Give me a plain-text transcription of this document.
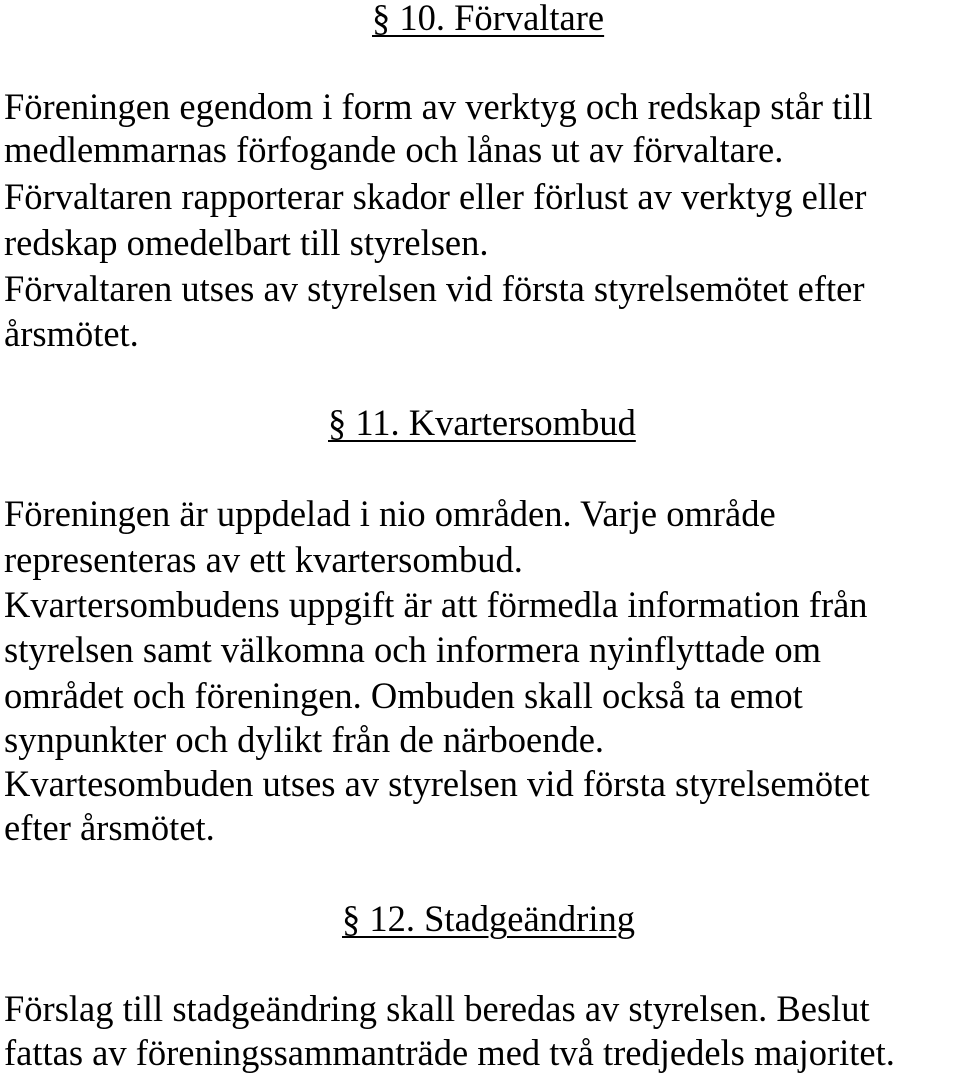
§ 10. Förvaltare

Föreningen egendom i form av verktyg och redskap står till

medlemmarnas förfogande och lånas ut av förvaltare.

Förvaltaren rapporterar skador eller förlust av verktyg eller

redskap omedelbart till styrelsen.

Förvaltaren utses av styrelsen vid första styrelsemötet efter

årsmötet.

§ 11. Kvartersombud

Föreningen är uppdelad i nio områden. Varje område

representeras av ett kvartersombud.

Kvartersombudens uppgift är att förmedla information från

styrelsen samt välkomna och informera nyinflyttade om

området och föreningen. Ombuden skall också ta emot

synpunkter och dylikt från de närboende.

Kvartesombuden utses av styrelsen vid första styrelsemötet

efter årsmötet.

§ 12. Stadgeändring

Förslag till stadgeändring skall beredas av styrelsen. Beslut

fattas av föreningssammanträde med två tredjedels majoritet.
